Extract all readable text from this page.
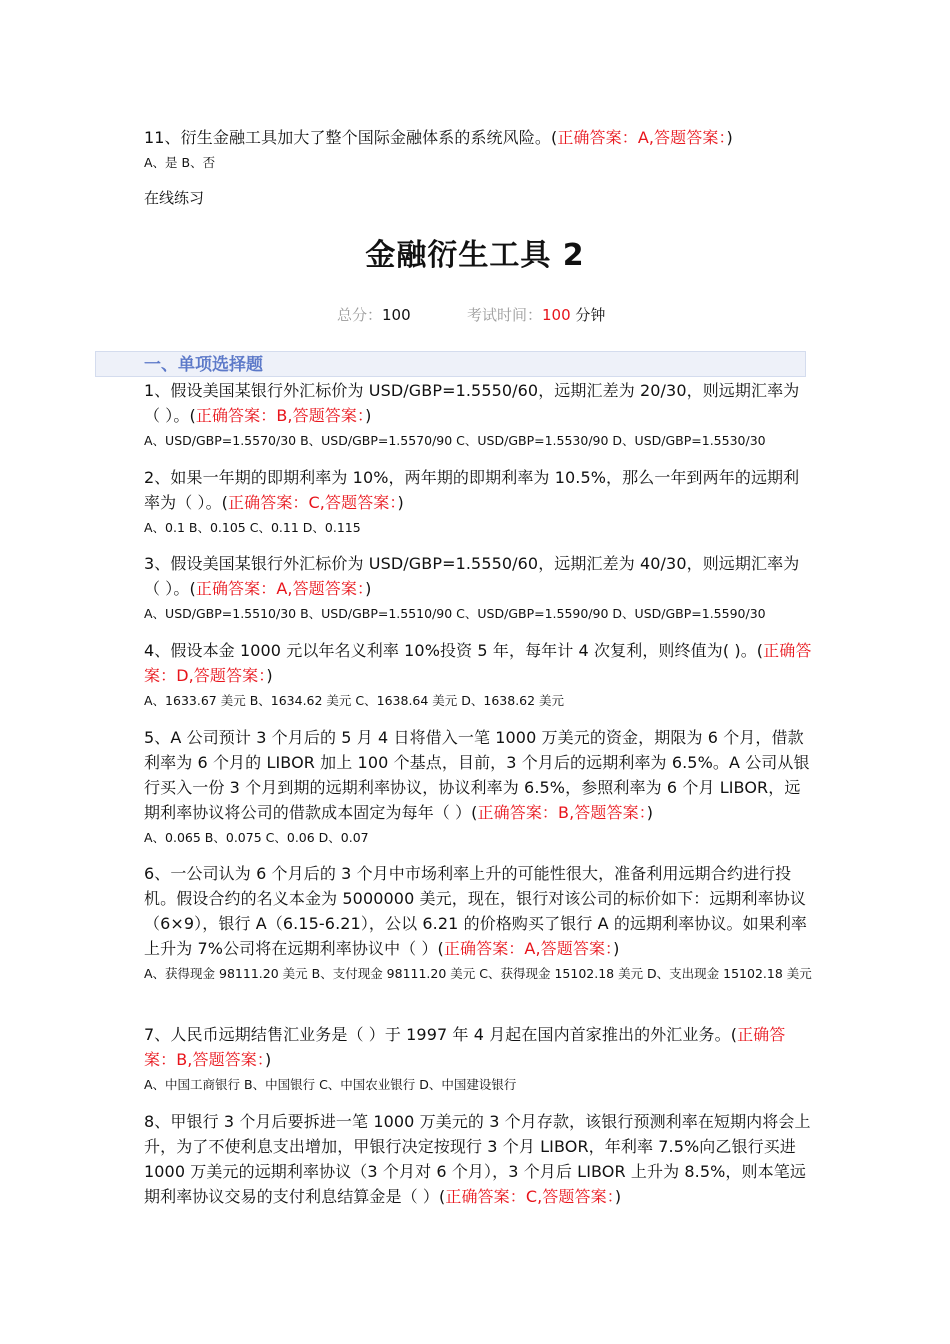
11、衍生金融工具加大了整个国际金融体系的系统风险。(正确答案：A,答题答案：)
A、是 B、否
在线练习
金融衍生工具 2
总分：100	考试时间：100 分钟
一、单项选择题
1、假设美国某银行外汇标价为 USD/GBP=1.5550/60，远期汇差为 20/30，则远期汇率为（ ）。(正确答案：B,答题答案：)
A、USD/GBP=1.5570/30 B、USD/GBP=1.5570/90 C、USD/GBP=1.5530/90 D、USD/GBP=1.5530/30
2、如果一年期的即期利率为 10%，两年期的即期利率为 10.5%，那么一年到两年的远期利率为（ ）。(正确答案：C,答题答案：)
A、0.1 B、0.105 C、0.11 D、0.115
3、假设美国某银行外汇标价为 USD/GBP=1.5550/60，远期汇差为 40/30，则远期汇率为（ ）。(正确答案：A,答题答案：)
A、USD/GBP=1.5510/30 B、USD/GBP=1.5510/90 C、USD/GBP=1.5590/90 D、USD/GBP=1.5590/30
4、假设本金 1000 元以年名义利率 10%投资 5 年，每年计 4 次复利，则终值为( )。(正确答案：D,答题答案：)
A、1633.67 美元 B、1634.62 美元 C、1638.64 美元 D、1638.62 美元
5、A 公司预计 3 个月后的 5 月 4 日将借入一笔 1000 万美元的资金，期限为 6 个月，借款利率为 6 个月的 LIBOR 加上 100 个基点，目前，3 个月后的远期利率为 6.5%。A 公司从银行买入一份 3 个月到期的远期利率协议，协议利率为 6.5%，参照利率为 6 个月 LIBOR，远期利率协议将公司的借款成本固定为每年（ ）(正确答案：B,答题答案：)
A、0.065 B、0.075 C、0.06 D、0.07
6、一公司认为 6 个月后的 3 个月中市场利率上升的可能性很大，准备利用远期合约进行投机。假设合约的名义本金为 5000000 美元，现在，银行对该公司的标价如下：远期利率协议（6×9），银行 A（6.15-6.21），公以 6.21 的价格购买了银行 A 的远期利率协议。如果利率上升为 7%公司将在远期利率协议中（ ）(正确答案：A,答题答案：)
A、获得现金 98111.20 美元 B、支付现金 98111.20 美元 C、获得现金 15102.18 美元 D、支出现金 15102.18 美元
7、人民币远期结售汇业务是（ ）于 1997 年 4 月起在国内首家推出的外汇业务。(正确答案：B,答题答案：)
A、中国工商银行 B、中国银行 C、中国农业银行 D、中国建设银行
8、甲银行 3 个月后要拆进一笔 1000 万美元的 3 个月存款，该银行预测利率在短期内将会上升，为了不使利息支出增加，甲银行决定按现行 3 个月 LIBOR，年利率 7.5%向乙银行买进 1000 万美元的远期利率协议（3 个月对 6 个月），3 个月后 LIBOR 上升为 8.5%，则本笔远期利率协议交易的支付利息结算金是（ ）(正确答案：C,答题答案：)
